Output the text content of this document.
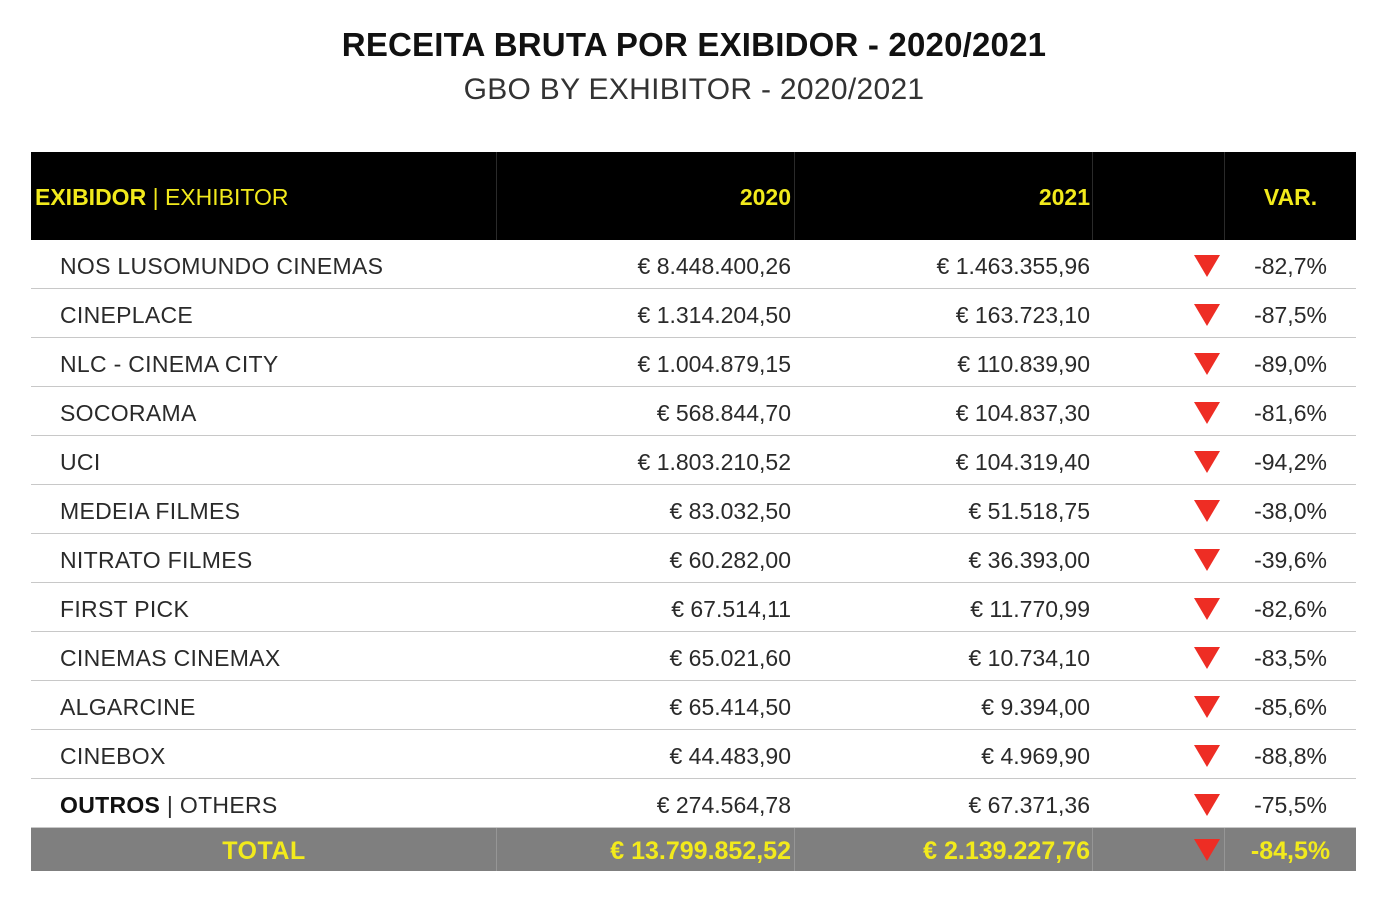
RECEITA BRUTA POR EXIBIDOR - 2020/2021
GBO BY EXHIBITOR - 2020/2021
EXIBIDOR | EXHIBITOR	2020	2021	VAR.
NOS LUSOMUNDO CINEMAS	€ 8.448.400,26	€ 1.463.355,96	-82,7%
CINEPLACE	€ 1.314.204,50	€ 163.723,10	-87,5%
NLC - CINEMA CITY	€ 1.004.879,15	€ 110.839,90	-89,0%
SOCORAMA	€ 568.844,70	€ 104.837,30	-81,6%
UCI	€ 1.803.210,52	€ 104.319,40	-94,2%
MEDEIA FILMES	€ 83.032,50	€ 51.518,75	-38,0%
NITRATO FILMES	€ 60.282,00	€ 36.393,00	-39,6%
FIRST PICK	€ 67.514,11	€ 11.770,99	-82,6%
CINEMAS CINEMAX	€ 65.021,60	€ 10.734,10	-83,5%
ALGARCINE	€ 65.414,50	€ 9.394,00	-85,6%
CINEBOX	€ 44.483,90	€ 4.969,90	-88,8%
OUTROS | OTHERS	€ 274.564,78	€ 67.371,36	-75,5%
TOTAL	€ 13.799.852,52	€ 2.139.227,76	-84,5%
